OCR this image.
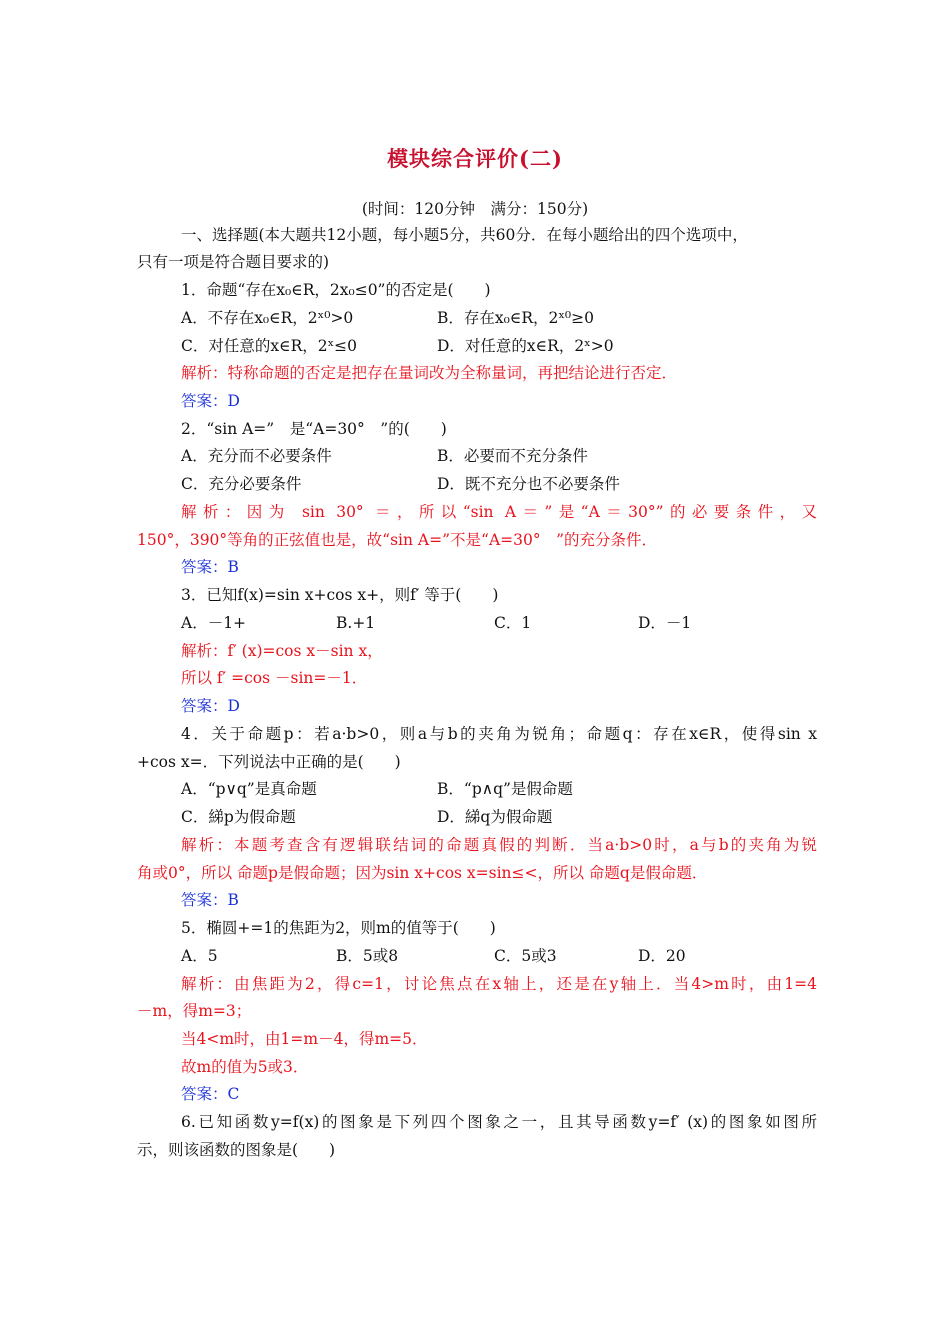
模块综合评价(二)
(时间：120分钟　满分：150分)
一、选择题(本大题共12小题，每小题5分，共60分．在每小题给出的四个选项中，
只有一项是符合题目要求的)
1．命题“存在x₀∈R，2x₀≤0”的否定是(　　)
A．不存在x₀∈R，2ˣ⁰>0	B．存在x₀∈R，2ˣ⁰≥0
C．对任意的x∈R，2ˣ≤0	D．对任意的x∈R，2ˣ>0
解析：特称命题的否定是把存在量词改为全称量词，再把结论进行否定．
答案：D
2．“sin A=”　是“A=30°　”的(　　)
A．充分而不必要条件	B．必要而不充分条件
C．充分必要条件	D．既不充分也不必要条件
解析：因为 sin 30° ＝，所以“sin A＝”是“A＝30°”的必要条件，又
150°，390°等角的正弦值也是，故“sin A=”不是“A=30°　”的充分条件．
答案：B
3．已知f(x)=sin x+cos x+，则f′ 等于(　　)
A．－1+	B.+1	C．1	D．－1
解析：f′ (x)=cos x－sin x，
所以 f′ =cos －sin=－1．
答案：D
4．关于命题p：若a·b>0，则a与b的夹角为锐角；命题q：存在x∈R，使得sin x
+cos x=．下列说法中正确的是(　　)
A．“p∨q”是真命题	B．“p∧q”是假命题
C．綈p为假命题	D．綈q为假命题
解析：本题考查含有逻辑联结词的命题真假的判断．当a·b>0时，a与b的夹角为锐
角或0°，所以 命题p是假命题；因为sin x+cos x=sin≤<，所以 命题q是假命题．
答案：B
5．椭圆+=1的焦距为2，则m的值等于(　　)
A．5	B．5或8	C．5或3	D．20
解析：由焦距为2，得c=1，讨论焦点在x轴上，还是在y轴上．当4>m时，由1=4
－m，得m=3；
当4<m时，由1=m－4，得m=5．
故m的值为5或3．
答案：C
6.已知函数y=f(x)的图象是下列四个图象之一，且其导函数y=f′ (x)的图象如图所
示，则该函数的图象是(　　)
